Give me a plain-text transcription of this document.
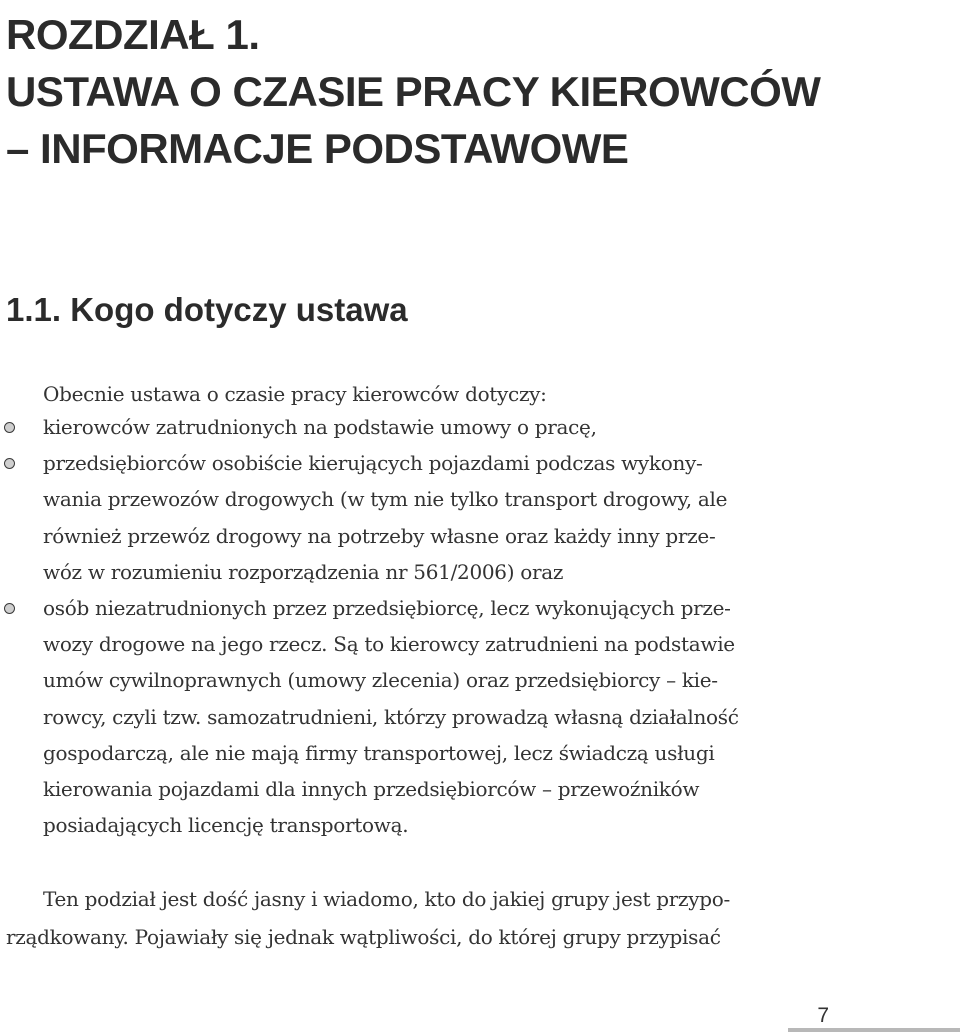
ROZDZIAŁ 1.
USTAWA O CZASIE PRACY KIEROWCÓW
– INFORMACJE PODSTAWOWE
1.1. Kogo dotyczy ustawa

Obecnie ustawa o czasie pracy kierowców dotyczy:

kierowców zatrudnionych na podstawie umowy o pracę,
przedsiębiorców osobiście kierujących pojazdami podczas wykony-
wania przewozów drogowych (w tym nie tylko transport drogowy, ale
również przewóz drogowy na potrzeby własne oraz każdy inny prze-
wóz w rozumieniu rozporządzenia nr 561/2006) oraz
osób niezatrudnionych przez przedsiębiorcę, lecz wykonujących prze-
wozy drogowe na jego rzecz. Są to kierowcy zatrudnieni na podstawie
umów cywilnoprawnych (umowy zlecenia) oraz przedsiębiorcy – kie-
rowcy, czyli tzw. samozatrudnieni, którzy prowadzą własną działalność
gospodarczą, ale nie mają firmy transportowej, lecz świadczą usługi
kierowania pojazdami dla innych przedsiębiorców – przewoźników
posiadających licencję transportową.

Ten podział jest dość jasny i wiadomo, kto do jakiej grupy jest przypo-
rządkowany. Pojawiały się jednak wątpliwości, do której grupy przypisać

7
